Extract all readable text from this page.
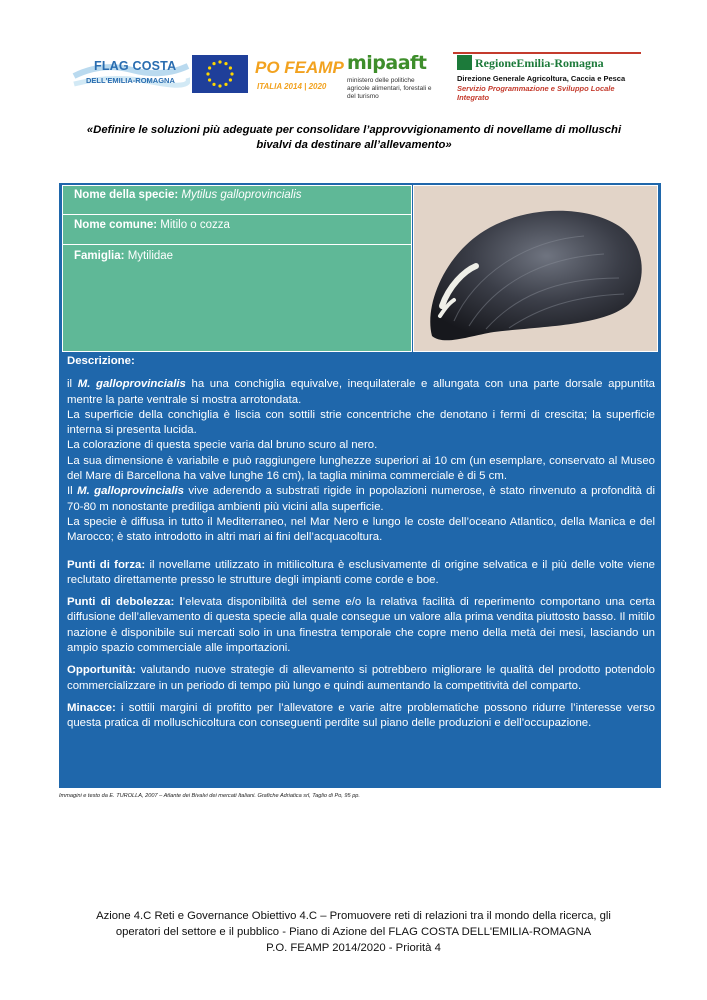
FLAG COSTA
DELL'EMILIA-ROMAGNA
PO FEAMP
ITALIA 2014 | 2020
mipaaft
ministero delle politiche agricole alimentari, forestali e del turismo
RegioneEmilia-Romagna
Direzione Generale Agricoltura, Caccia e Pesca
Servizio Programmazione e Sviluppo Locale Integrato
«Definire le soluzioni più adeguate per consolidare l’approvvigionamento di novellame di molluschi bivalvi da destinare all’allevamento»
Nome della specie: Mytilus galloprovincialis
Nome comune: Mitilo o cozza
Famiglia: Mytilidae
Descrizione:

il M. galloprovincialis ha una conchiglia equivalve, inequilaterale e allungata con una parte dorsale appuntita mentre la parte ventrale si mostra arrotondata.

La superficie della conchiglia è liscia con sottili strie concentriche che denotano i fermi di crescita; la superficie interna si presenta lucida.

La colorazione di questa specie varia dal bruno scuro al nero.

La sua dimensione è variabile e può raggiungere lunghezze superiori ai 10 cm (un esemplare, conservato al Museo del Mare di Barcellona ha valve lunghe 16 cm), la taglia minima commerciale è di 5 cm.

Il M. galloprovincialis vive aderendo a substrati rigide in popolazioni numerose, è stato rinvenuto a profondità di 70-80 m nonostante prediliga ambienti più vicini alla superficie.

La specie è diffusa in tutto il Mediterraneo, nel Mar Nero e lungo le coste dell’oceano Atlantico, della Manica e del Marocco; è stato introdotto in altri mari ai fini dell’acquacoltura.

Punti di forza: il novellame utilizzato in mitilicoltura è esclusivamente di origine selvatica e il più delle volte viene reclutato direttamente presso le strutture degli impianti come corde e boe.

Punti di debolezza: l’elevata disponibilità del seme e/o la relativa facilità di reperimento comportano una certa diffusione dell’allevamento di questa specie alla quale consegue un valore alla prima vendita piuttosto basso. Il mitilo nazione è disponibile sui mercati solo in una finestra temporale che copre meno della metà dei mesi, lasciando un ampio spazio commerciale alle importazioni.

Opportunità: valutando nuove strategie di allevamento si potrebbero migliorare le qualità del prodotto potendolo commercializzare in un periodo di tempo più lungo e quindi aumentando la competitività del comparto.

Minacce: i sottili margini di profitto per l’allevatore e varie altre problematiche possono ridurre l’interesse verso questa pratica di molluschicoltura con conseguenti perdite sul piano delle produzioni e dell’occupazione.

Immagini e testo da E. TUROLLA, 2007 – Atlante dei Bivalvi dei mercati Italiani. Grafiche Adriatica srl, Taglio di Po, 95 pp.
Azione 4.C Reti e Governance Obiettivo 4.C – Promuovere reti di relazioni tra il mondo della ricerca, gli
operatori del settore e il pubblico - Piano di Azione del FLAG COSTA DELL'EMILIA-ROMAGNA
P.O. FEAMP 2014/2020 - Priorità 4
